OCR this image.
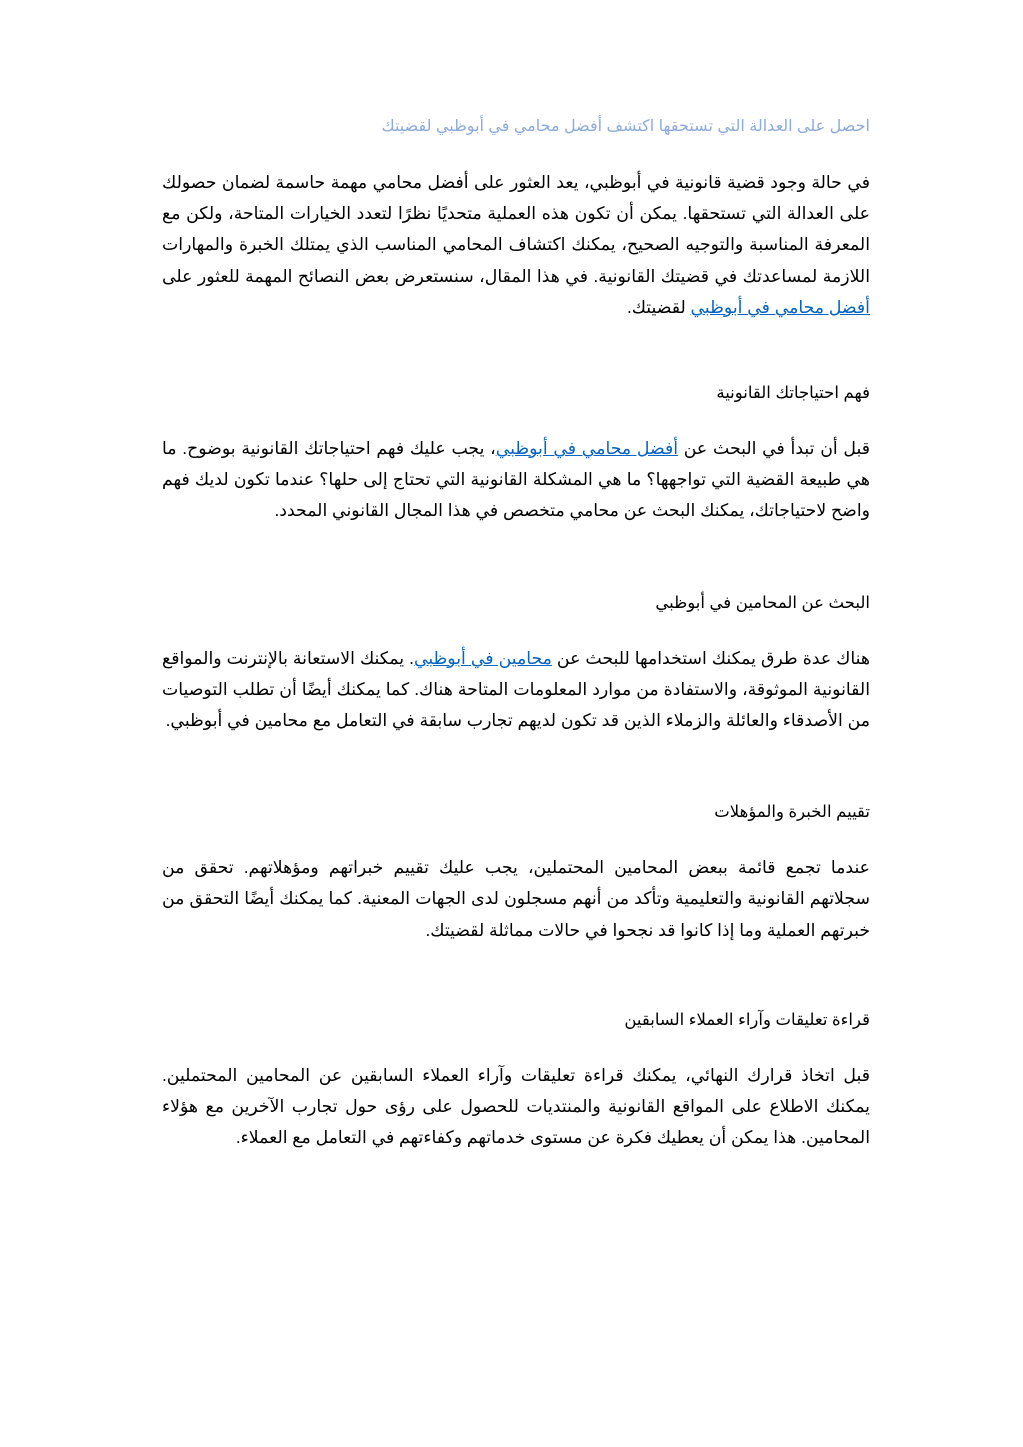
احصل على العدالة التي تستحقها اكتشف أفضل محامي في أبوظبي لقضيتك

في حالة وجود قضية قانونية في أبوظبي، يعد العثور على أفضل محامي مهمة حاسمة لضمان حصولك على العدالة التي تستحقها. يمكن أن تكون هذه العملية متحديًا نظرًا لتعدد الخيارات المتاحة، ولكن مع المعرفة المناسبة والتوجيه الصحيح، يمكنك اكتشاف المحامي المناسب الذي يمتلك الخبرة والمهارات اللازمة لمساعدتك في قضيتك القانونية. في هذا المقال، سنستعرض بعض النصائح المهمة للعثور على أفضل محامي في أبوظبي لقضيتك.

فهم احتياجاتك القانونية

قبل أن تبدأ في البحث عن أفضل محامي في أبوظبي، يجب عليك فهم احتياجاتك القانونية بوضوح. ما هي طبيعة القضية التي تواجهها؟ ما هي المشكلة القانونية التي تحتاج إلى حلها؟ عندما تكون لديك فهم واضح لاحتياجاتك، يمكنك البحث عن محامي متخصص في هذا المجال القانوني المحدد.

البحث عن المحامين في أبوظبي

هناك عدة طرق يمكنك استخدامها للبحث عن محامين في أبوظبي. يمكنك الاستعانة بالإنترنت والمواقع القانونية الموثوقة، والاستفادة من موارد المعلومات المتاحة هناك. كما يمكنك أيضًا أن تطلب التوصيات من الأصدقاء والعائلة والزملاء الذين قد تكون لديهم تجارب سابقة في التعامل مع محامين في أبوظبي.

تقييم الخبرة والمؤهلات

عندما تجمع قائمة ببعض المحامين المحتملين، يجب عليك تقييم خبراتهم ومؤهلاتهم. تحقق من سجلاتهم القانونية والتعليمية وتأكد من أنهم مسجلون لدى الجهات المعنية. كما يمكنك أيضًا التحقق من خبرتهم العملية وما إذا كانوا قد نجحوا في حالات مماثلة لقضيتك.

قراءة تعليقات وآراء العملاء السابقين

قبل اتخاذ قرارك النهائي، يمكنك قراءة تعليقات وآراء العملاء السابقين عن المحامين المحتملين. يمكنك الاطلاع على المواقع القانونية والمنتديات للحصول على رؤى حول تجارب الآخرين مع هؤلاء المحامين. هذا يمكن أن يعطيك فكرة عن مستوى خدماتهم وكفاءتهم في التعامل مع العملاء.
